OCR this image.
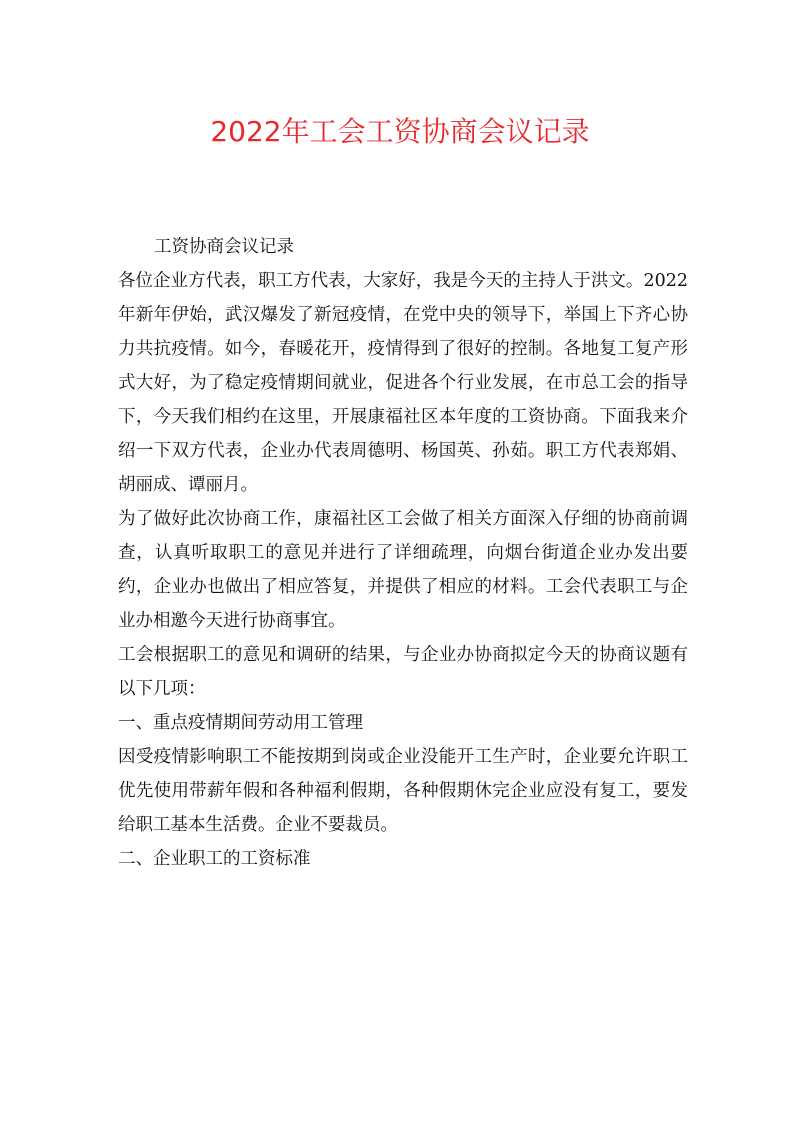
2022年工会工资协商会议记录

工资协商会议记录

各位企业方代表，职工方代表，大家好，我是今天的主持人于洪文。2022年新年伊始，武汉爆发了新冠疫情，在党中央的领导下，举国上下齐心协力共抗疫情。如今，春暖花开，疫情得到了很好的控制。各地复工复产形式大好，为了稳定疫情期间就业，促进各个行业发展，在市总工会的指导下，今天我们相约在这里，开展康福社区本年度的工资协商。下面我来介绍一下双方代表，企业办代表周德明、杨国英、孙茹。职工方代表郑娟、胡丽成、谭丽月。

为了做好此次协商工作，康福社区工会做了相关方面深入仔细的协商前调查，认真听取职工的意见并进行了详细疏理，向烟台街道企业办发出要约，企业办也做出了相应答复，并提供了相应的材料。工会代表职工与企业办相邀今天进行协商事宜。

工会根据职工的意见和调研的结果，与企业办协商拟定今天的协商议题有以下几项：

一、重点疫情期间劳动用工管理

因受疫情影响职工不能按期到岗或企业没能开工生产时，企业要允许职工优先使用带薪年假和各种福利假期，各种假期休完企业应没有复工，要发给职工基本生活费。企业不要裁员。

二、企业职工的工资标准
